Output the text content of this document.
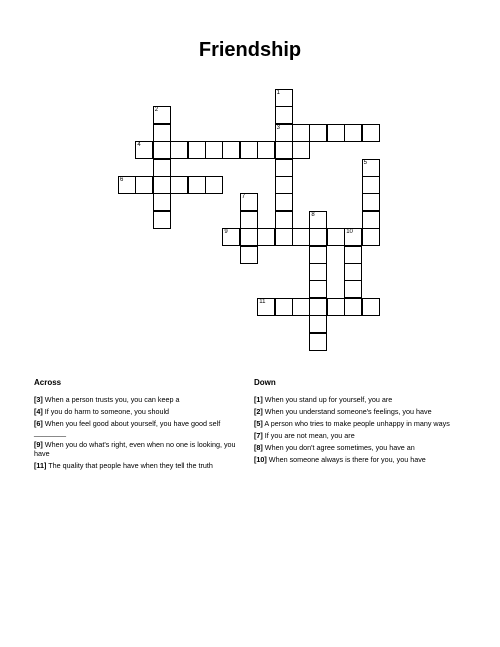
Friendship
1
3
2
4
5
6
7
8
9	10
11
Across
[3] When a person trusts you, you can keep a
[4] If you do harm to someone, you should
[6] When you feel good about yourself, you have good self ________
[9] When you do what's right, even when no one is looking, you have
[11] The quality that people have when they tell the truth
Down
[1] When you stand up for yourself, you are
[2] When you understand someone's feelings, you have
[5] A person who tries to make people unhappy in many ways
[7] If you are not mean, you are
[8] When you don't agree sometimes, you have an
[10] When someone always is there for you, you have
